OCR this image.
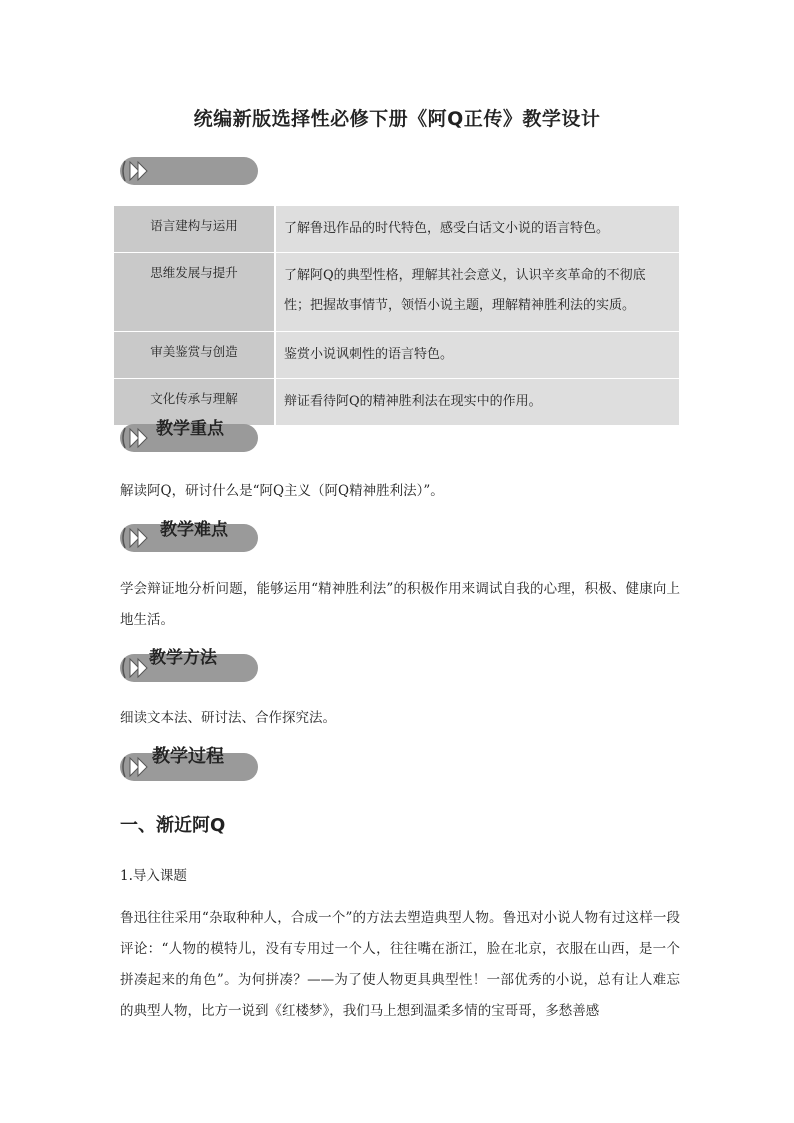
统编新版选择性必修下册《阿Q正传》教学设计
语言建构与运用	了解鲁迅作品的时代特色，感受白话文小说的语言特色。
思维发展与提升	了解阿Q的典型性格，理解其社会意义，认识辛亥革命的不彻底性；把握故事情节，领悟小说主题，理解精神胜利法的实质。
审美鉴赏与创造	鉴赏小说讽刺性的语言特色。
文化传承与理解	辩证看待阿Q的精神胜利法在现实中的作用。
教学重点
解读阿Q，研讨什么是“阿Q主义（阿Q精神胜利法）”。
教学难点
学会辩证地分析问题，能够运用“精神胜利法”的积极作用来调试自我的心理，积极、健康向上地生活。
教学方法
细读文本法、研讨法、合作探究法。
教学过程
一、渐近阿Q
1.导入课题
鲁迅往往采用“杂取种种人，合成一个”的方法去塑造典型人物。鲁迅对小说人物有过这样一段评论：“人物的模特儿，没有专用过一个人，往往嘴在浙江，脸在北京，衣服在山西，是一个拼凑起来的角色”。为何拼凑？——为了使人物更具典型性！一部优秀的小说，总有让人难忘的典型人物，比方一说到《红楼梦》，我们马上想到温柔多情的宝哥哥，多愁善感
